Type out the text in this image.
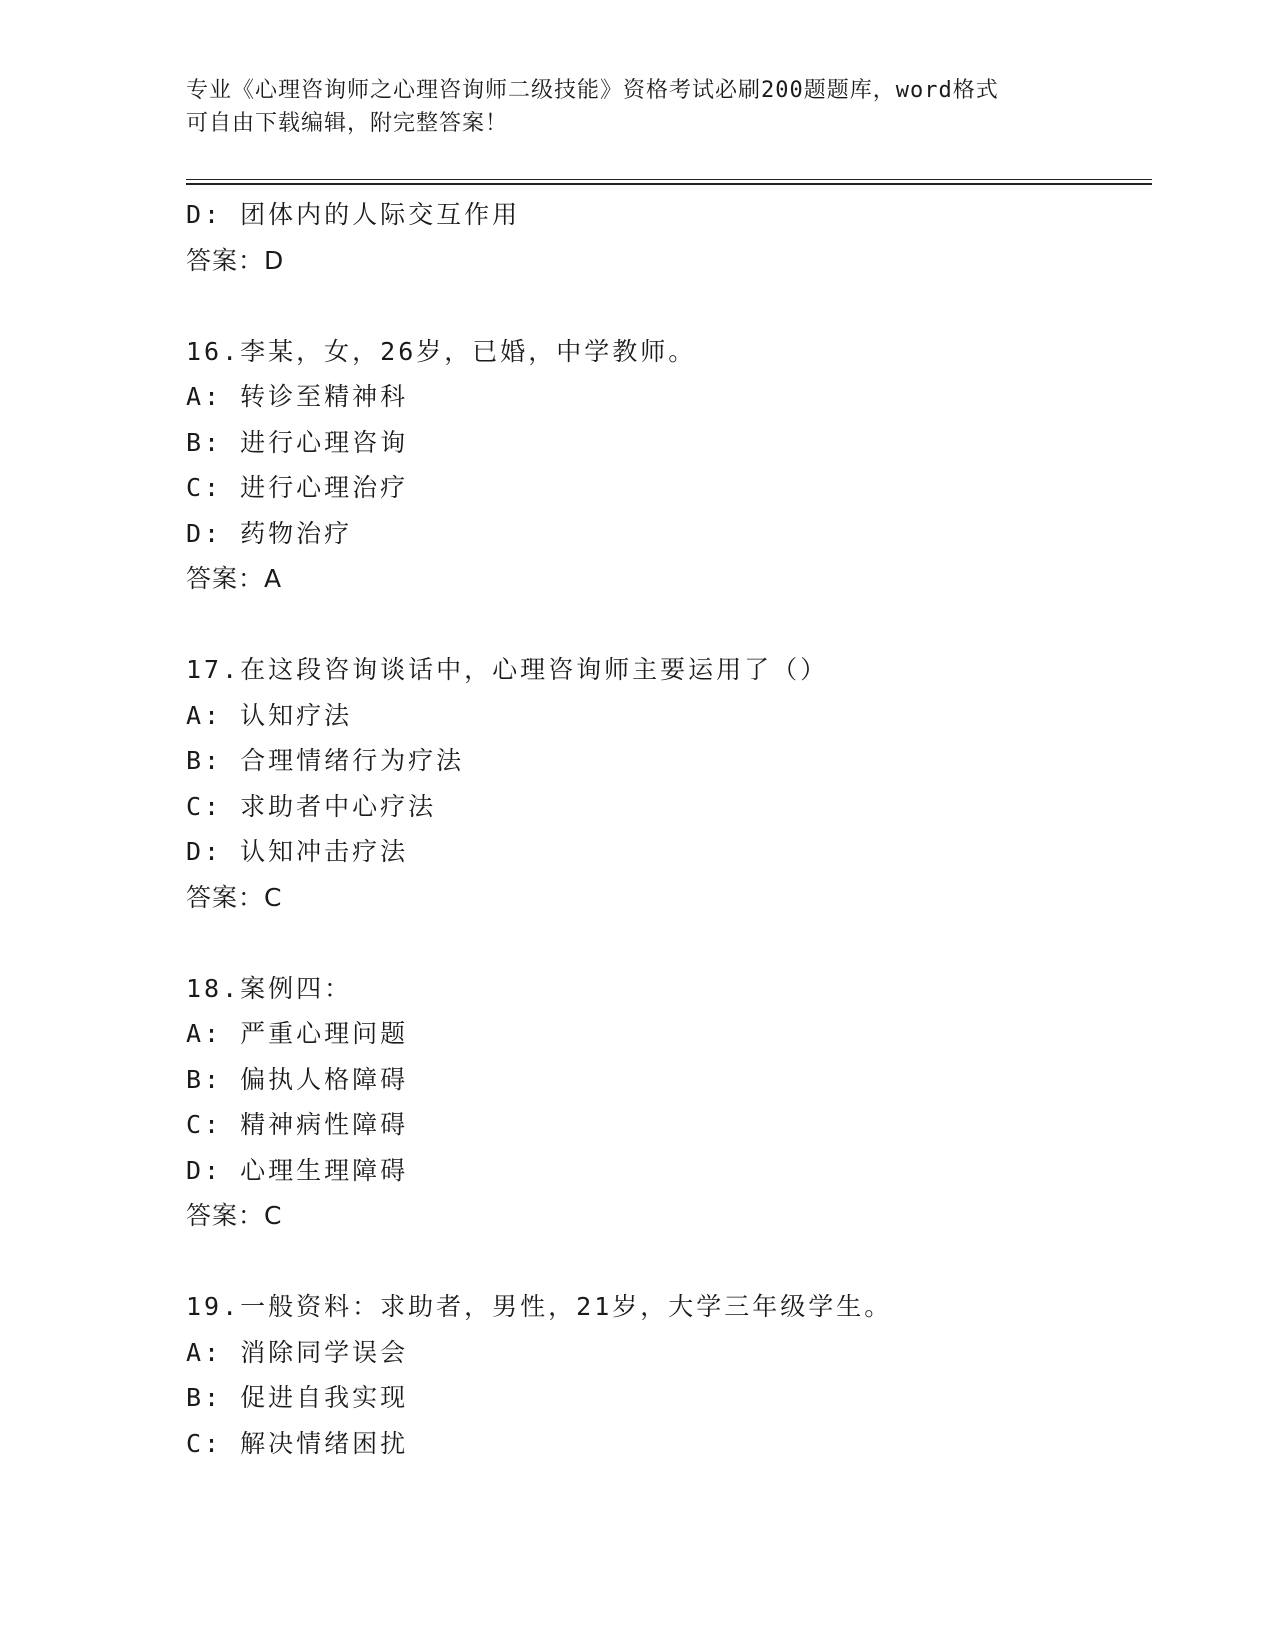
专业《心理咨询师之心理咨询师二级技能》资格考试必刷200题题库，word格式
可自由下载编辑，附完整答案！
D: 团体内的人际交互作用
答案：D
16.李某，女，26岁，已婚，中学教师。
A: 转诊至精神科
B: 进行心理咨询
C: 进行心理治疗
D: 药物治疗
答案：A
17.在这段咨询谈话中，心理咨询师主要运用了（）
A: 认知疗法
B: 合理情绪行为疗法
C: 求助者中心疗法
D: 认知冲击疗法
答案：C
18.案例四：
A: 严重心理问题
B: 偏执人格障碍
C: 精神病性障碍
D: 心理生理障碍
答案：C
19.一般资料：求助者，男性，21岁，大学三年级学生。
A: 消除同学误会
B: 促进自我实现
C: 解决情绪困扰
